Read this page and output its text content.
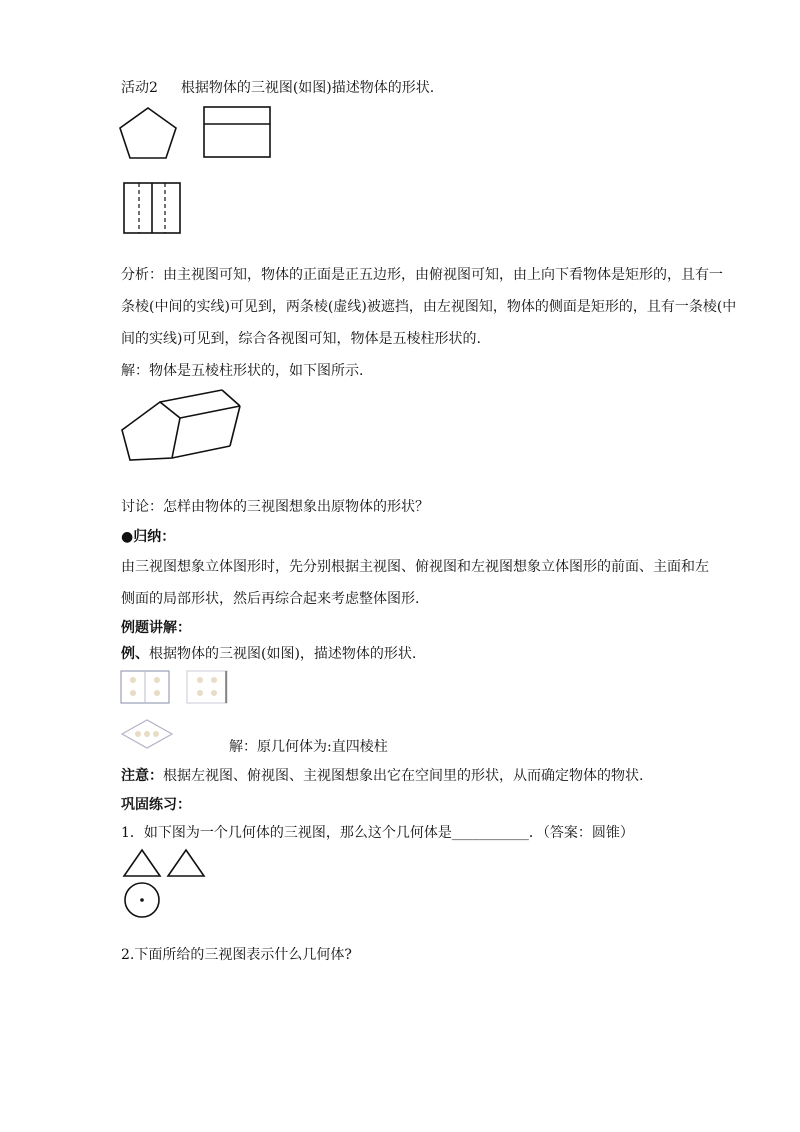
活动2 根据物体的三视图(如图)描述物体的形状.
分析：由主视图可知，物体的正面是正五边形，由俯视图可知，由上向下看物体是矩形的，且有一
条棱(中间的实线)可见到，两条棱(虚线)被遮挡，由左视图知，物体的侧面是矩形的，且有一条棱(中
间的实线)可见到，综合各视图可知，物体是五棱柱形状的.
解：物体是五棱柱形状的，如下图所示.
讨论：怎样由物体的三视图想象出原物体的形状？
●归纳：
由三视图想象立体图形时，先分别根据主视图、俯视图和左视图想象立体图形的前面、主面和左
侧面的局部形状，然后再综合起来考虑整体图形.
例题讲解：
例、根据物体的三视图(如图)，描述物体的形状.
解：原几何体为:直四棱柱
注意：根据左视图、俯视图、主视图想象出它在空间里的形状，从而确定物体的物状.
巩固练习：
1．如下图为一个几何体的三视图，那么这个几何体是___________．（答案：圆锥）
2.下面所给的三视图表示什么几何体?
